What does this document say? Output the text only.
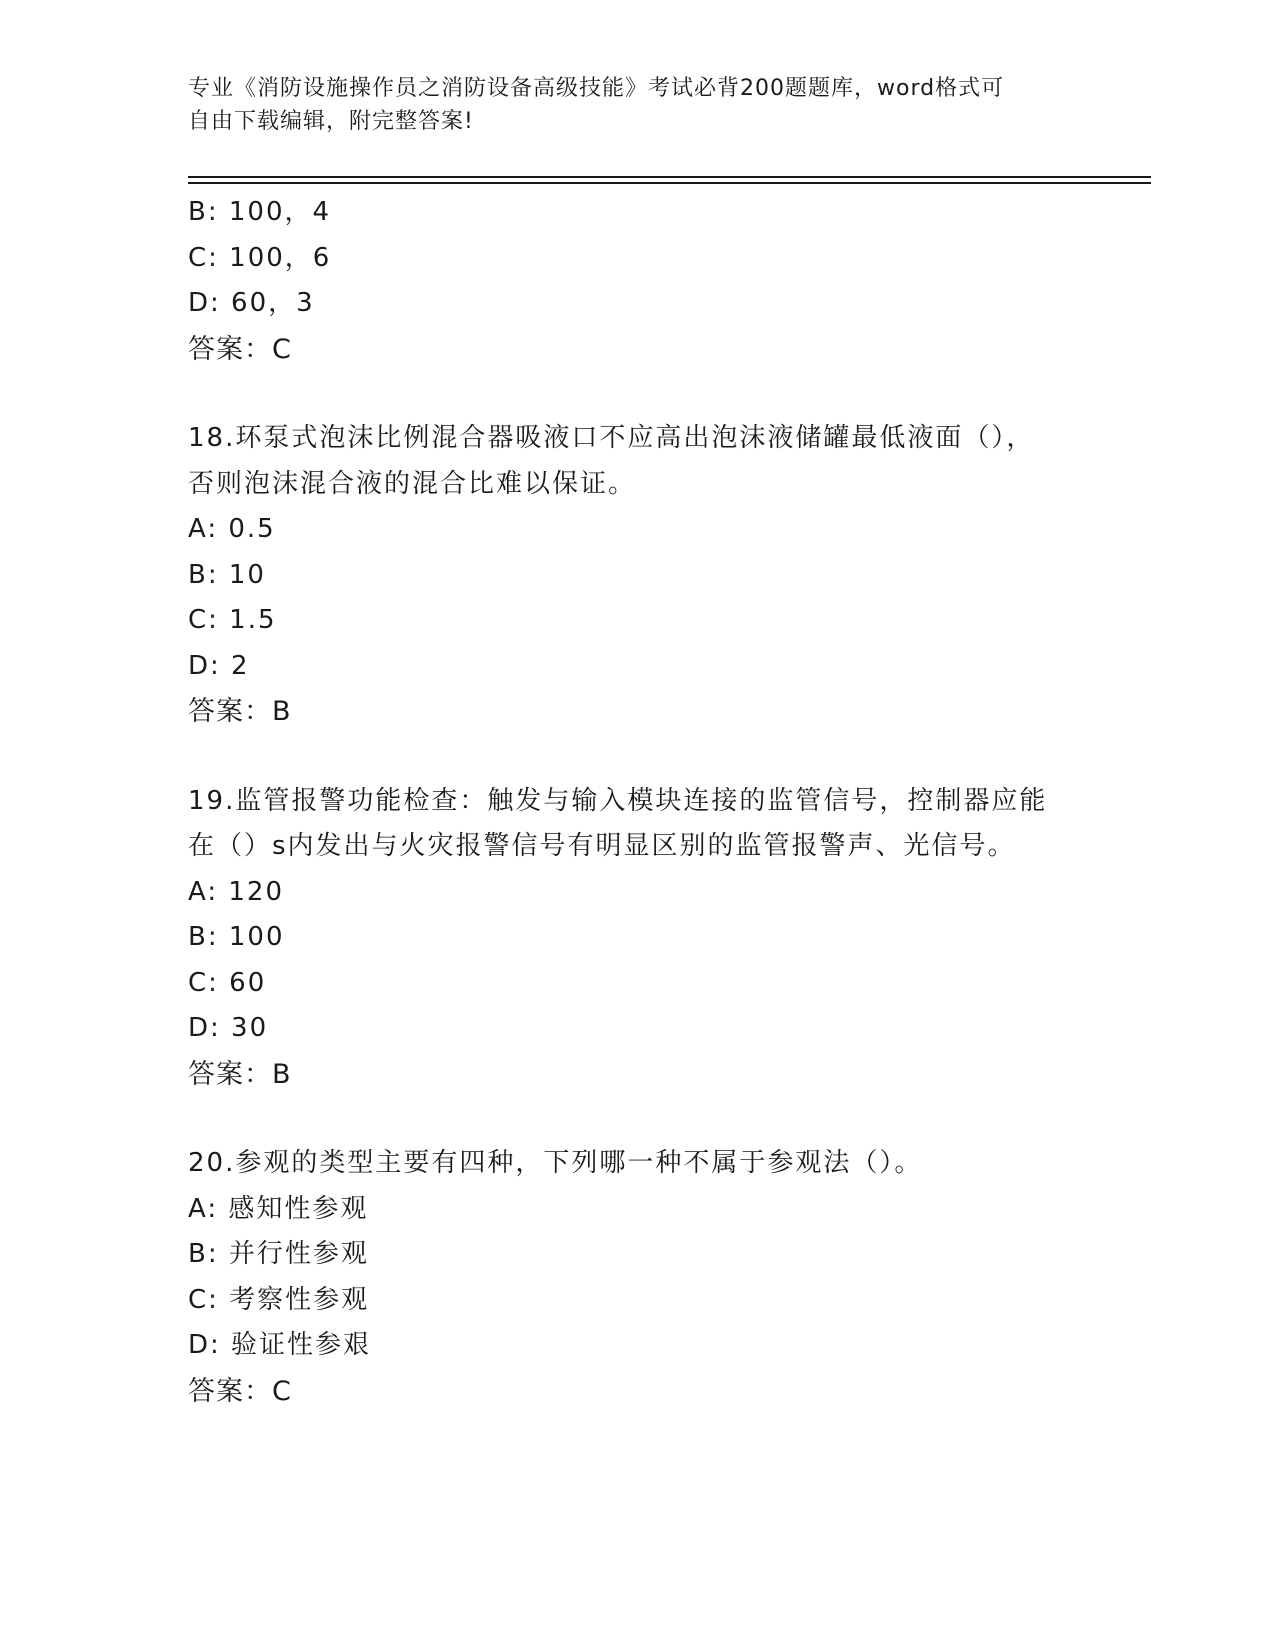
专业《消防设施操作员之消防设备高级技能》考试必背200题题库，word格式可
自由下载编辑，附完整答案!
B: 100，4
C: 100，6
D: 60，3
答案：C
18.环泵式泡沫比例混合器吸液口不应高出泡沫液储罐最低液面（），
否则泡沫混合液的混合比难以保证。
A: 0.5
B: 10
C: 1.5
D: 2
答案：B
19.监管报警功能检查：触发与输入模块连接的监管信号，控制器应能
在（）s内发出与火灾报警信号有明显区别的监管报警声、光信号。
A: 120
B: 100
C: 60
D: 30
答案：B
20.参观的类型主要有四种，下列哪一种不属于参观法（）。
A: 感知性参观
B: 并行性参观
C: 考察性参观
D: 验证性参艰
答案：C
